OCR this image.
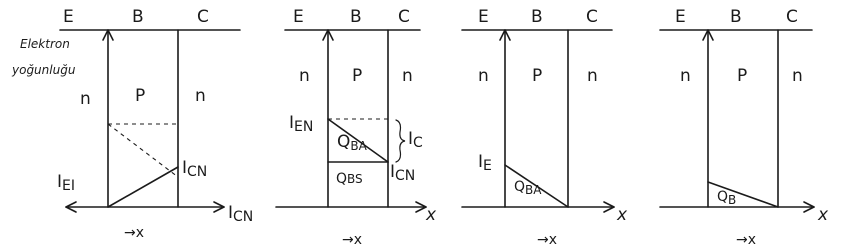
E	B	C
Elektron
yoğunluğu
n	P	n
IEI
ICN
ICN
→x
E	B C
n P n
IEN
QBA
QBS
IC
ICN
x
→x
E B	C
n	P	n
IE
QBA
x
→x
E	B	C
n	P	n
QB
x
→x
